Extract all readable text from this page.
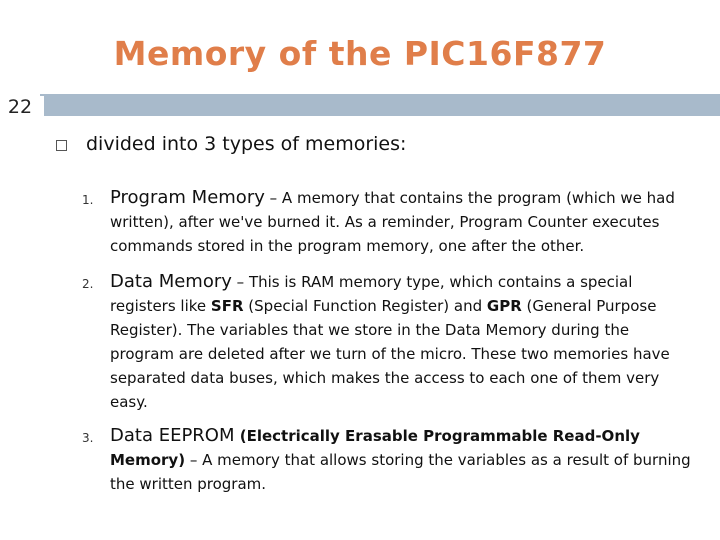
Memory of the PIC16F877
22
divided into 3 types of memories:
1. Program Memory – A memory that contains the program (which we had written), after we've burned it. As a reminder, Program Counter executes commands stored in the program memory, one after the other.
2. Data Memory – This is RAM memory type, which contains a special registers like SFR (Special Function Register) and GPR (General Purpose Register). The variables that we store in the Data Memory during the program are deleted after we turn of the micro. These two memories have separated data buses, which makes the access to each one of them very easy.
3. Data EEPROM (Electrically Erasable Programmable Read-Only Memory) – A memory that allows storing the variables as a result of burning the written program.
